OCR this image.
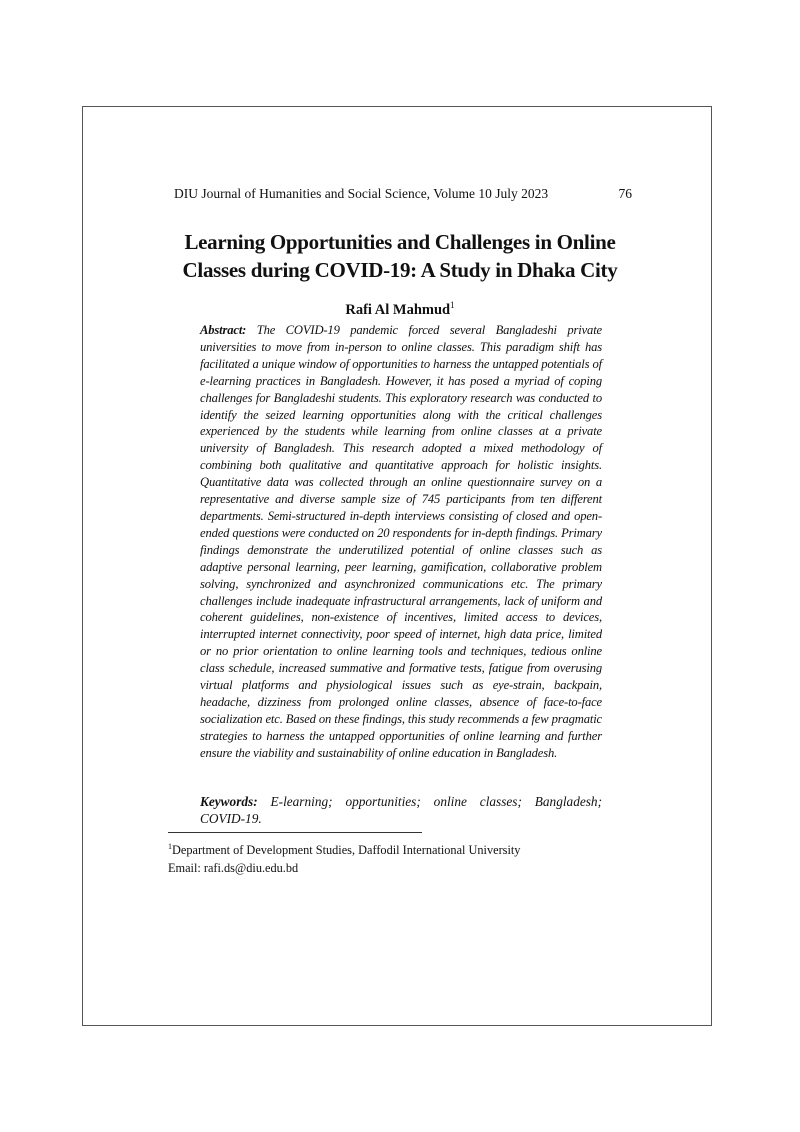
DIU Journal of Humanities and Social Science, Volume 10 July 2023	76
Learning Opportunities and Challenges in Online
Classes during COVID-19: A Study in Dhaka City
Rafi Al Mahmud$^1$
Abstract: The COVID-19 pandemic forced several Bangladeshi private universities to move from in-person to online classes. This paradigm shift has facilitated a unique window of opportunities to harness the untapped potentials of e-learning practices in Bangladesh. However, it has posed a myriad of coping challenges for Bangladeshi students. This exploratory research was conducted to identify the seized learning opportunities along with the critical challenges experienced by the students while learning from online classes at a private university of Bangladesh. This research adopted a mixed methodology of combining both qualitative and quantitative approach for holistic insights. Quantitative data was collected through an online questionnaire survey on a representative and diverse sample size of 745 participants from ten different departments. Semi-structured in-depth interviews consisting of closed and open-ended questions were conducted on 20 respondents for in-depth findings. Primary findings demonstrate the underutilized potential of online classes such as adaptive personal learning, peer learning, gamification, collaborative problem solving, synchronized and asynchronized communications etc. The primary challenges include inadequate infrastructural arrangements, lack of uniform and coherent guidelines, non-existence of incentives, limited access to devices, interrupted internet connectivity, poor speed of internet, high data price, limited or no prior orientation to online learning tools and techniques, tedious online class schedule, increased summative and formative tests, fatigue from overusing virtual platforms and physiological issues such as eye-strain, backpain, headache, dizziness from prolonged online classes, absence of face-to-face socialization etc. Based on these findings, this study recommends a few pragmatic strategies to harness the untapped opportunities of online learning and further ensure the viability and sustainability of online education in Bangladesh.
Keywords: E-learning; opportunities; online classes; Bangladesh; COVID-19.
$^1$Department of Development Studies, Daffodil International University
Email: rafi.ds@diu.edu.bd
